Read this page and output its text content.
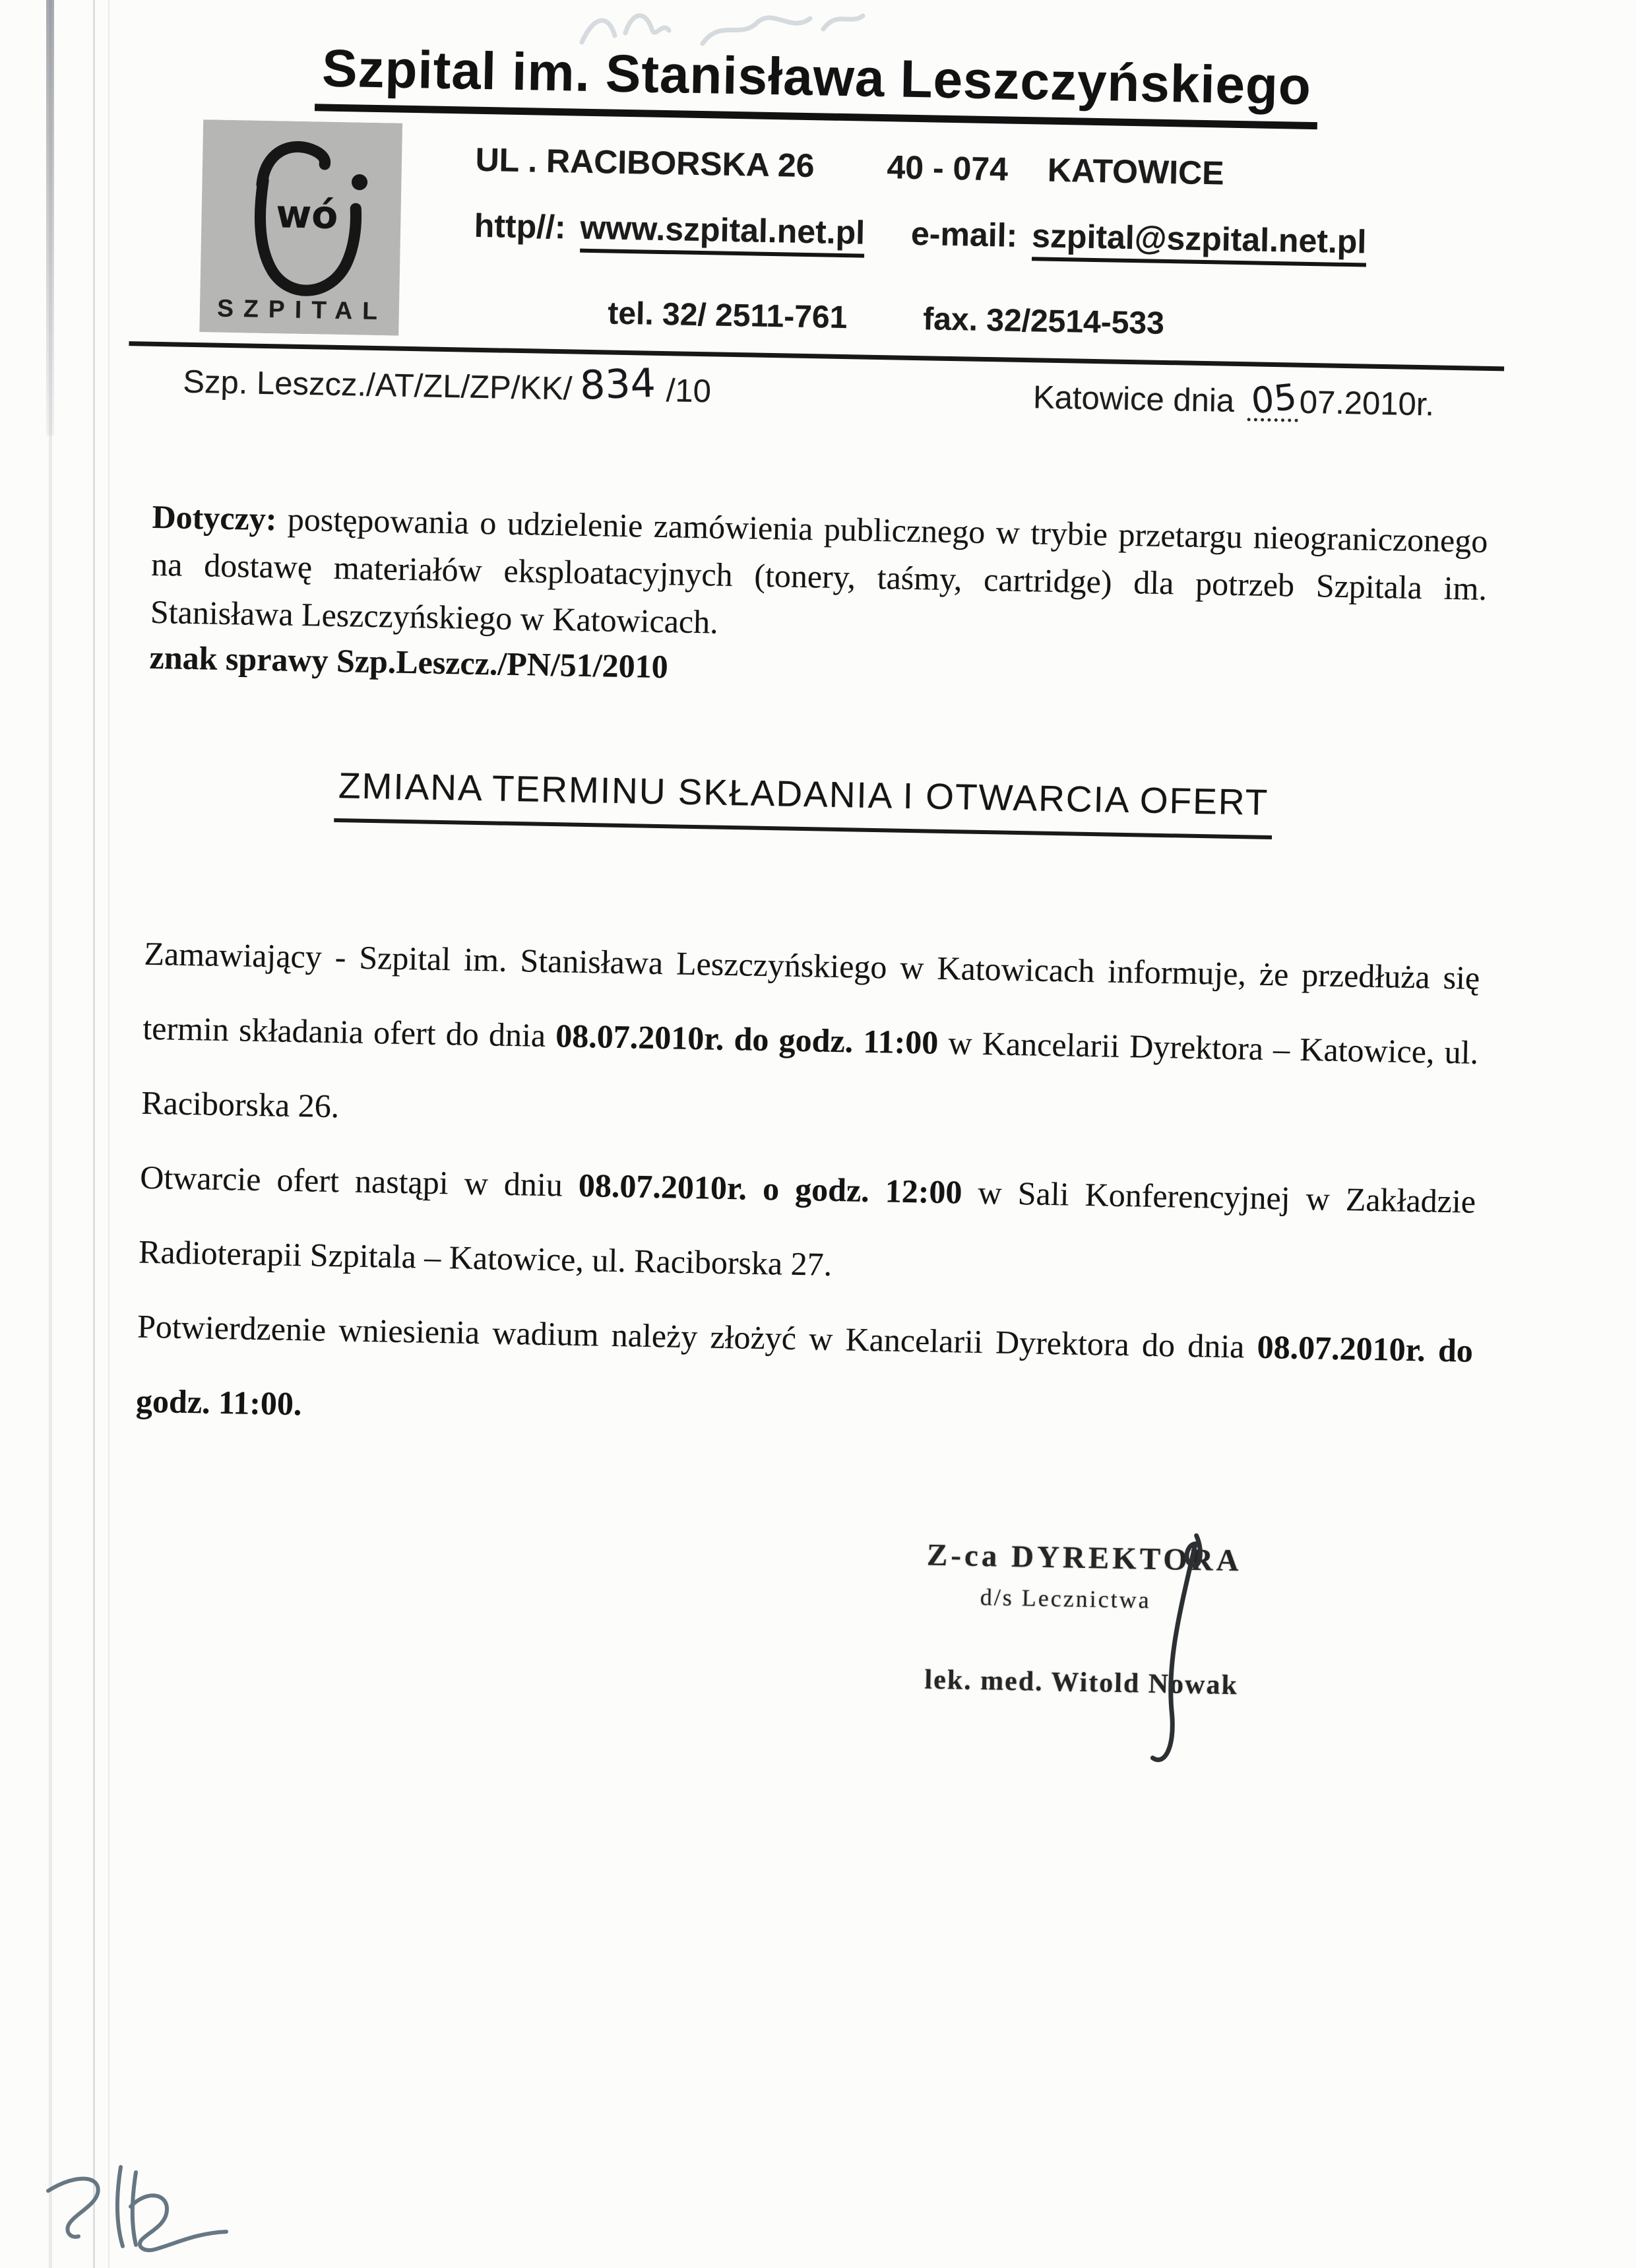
Szpital im. Stanisława Leszczyńskiego
wó
SZPITAL
UL . RACIBORSKA 26 40 - 074 KATOWICE
http//: www.szpital.net.pl e-mail: szpital@szpital.net.pl
tel. 32/ 2511-761 fax. 32/2514-533
Szp. Leszcz./AT/ZL/ZP/KK/ 834 /10	Katowice dnia 0507.2010r.
Dotyczy: postępowania o udzielenie zamówienia publicznego w trybie przetargu nieograniczonego na dostawę materiałów eksploatacyjnych (tonery, taśmy, cartridge) dla potrzeb Szpitala im. Stanisława Leszczyńskiego w Katowicach.
znak sprawy Szp.Leszcz./PN/51/2010
ZMIANA TERMINU SKŁADANIA I OTWARCIA OFERT

Zamawiający - Szpital im. Stanisława Leszczyńskiego w Katowicach informuje, że przedłuża się termin składania ofert do dnia 08.07.2010r. do godz. 11:00 w Kancelarii Dyrektora – Katowice, ul. Raciborska 26.

Otwarcie ofert nastąpi w dniu 08.07.2010r. o godz. 12:00 w Sali Konferencyjnej w Zakładzie Radioterapii Szpitala – Katowice, ul. Raciborska 27.

Potwierdzenie wniesienia wadium należy złożyć w Kancelarii Dyrektora do dnia 08.07.2010r. do godz. 11:00.

Z-ca DYREKTORA
d/s Lecznictwa
lek. med. Witold Nowak
